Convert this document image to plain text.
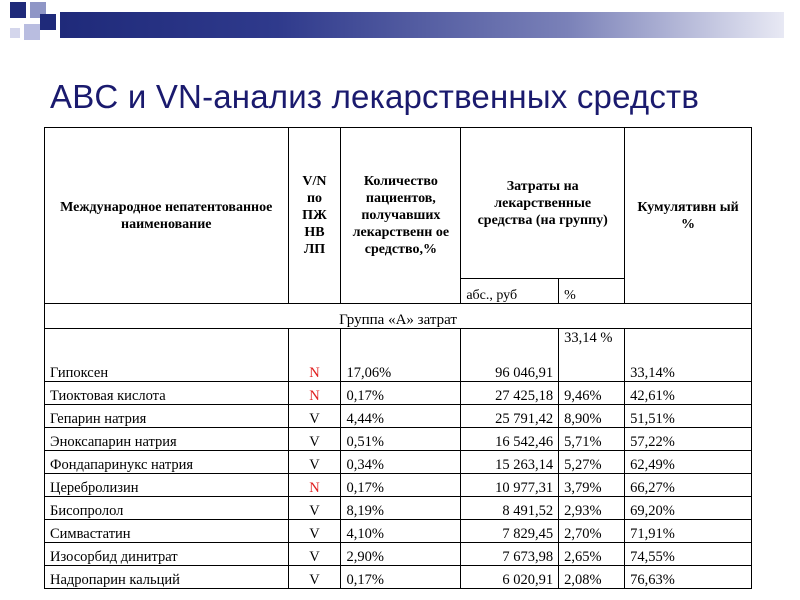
ABC и VN-анализ лекарственных средств
Международное непатентованное наименование	V/N по ПЖ НВ ЛП	Количество пациентов, получавших лекарственн ое средство,%	Затраты на лекарственные средства (на группу)		Кумулятивн ый %
			абс., руб	%	
Группа «А» затрат					
Гипоксен	N	17,06%	96 046,91	33,14 %	33,14%
Тиоктовая кислота	N	0,17%	27 425,18	9,46%	42,61%
Гепарин натрия	V	4,44%	25 791,42	8,90%	51,51%
Эноксапарин натрия	V	0,51%	16 542,46	5,71%	57,22%
Фондапаринукс натрия	V	0,34%	15 263,14	5,27%	62,49%
Церебролизин	N	0,17%	10 977,31	3,79%	66,27%
Бисопролол	V	8,19%	8 491,52	2,93%	69,20%
Симвастатин	V	4,10%	7 829,45	2,70%	71,91%
Изосорбид динитрат	V	2,90%	7 673,98	2,65%	74,55%
Надропарин кальций	V	0,17%	6 020,91	2,08%	76,63%
